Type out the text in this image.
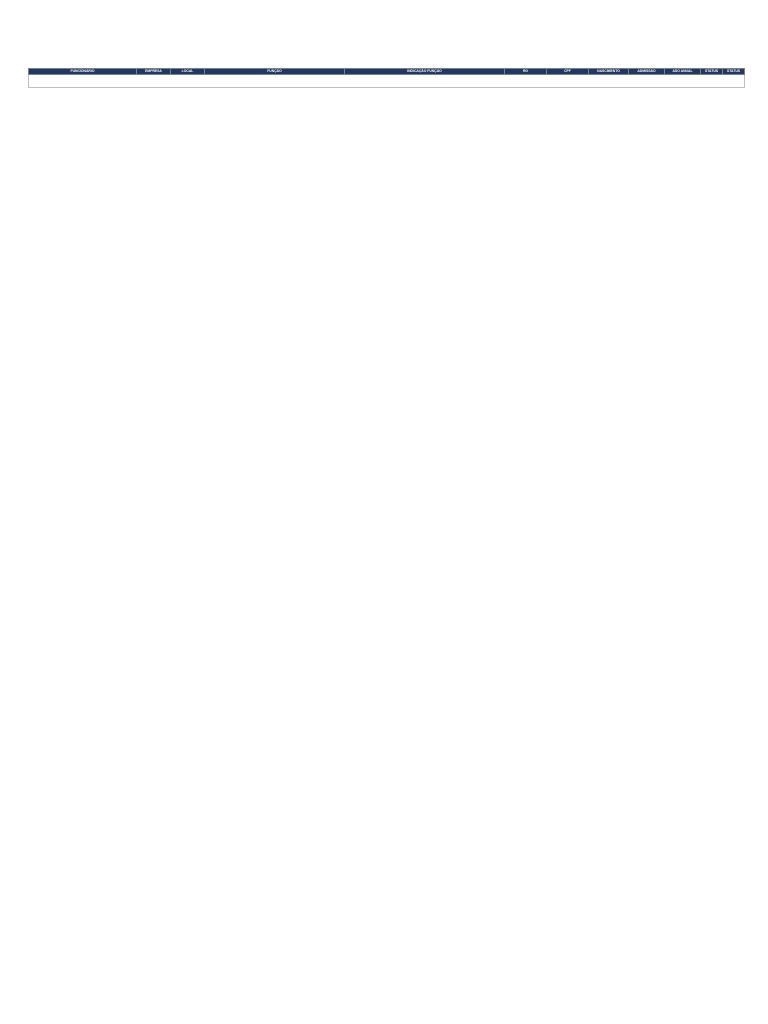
FUNCIONÁRIO	EMPRESA	LOCAL	FUNÇÃO	INDICAÇÃO FUNÇÃO	RG	CPF	NASCIMENTO	ADMISSÃO	ASO ANUAL	STATUS	STATUS
